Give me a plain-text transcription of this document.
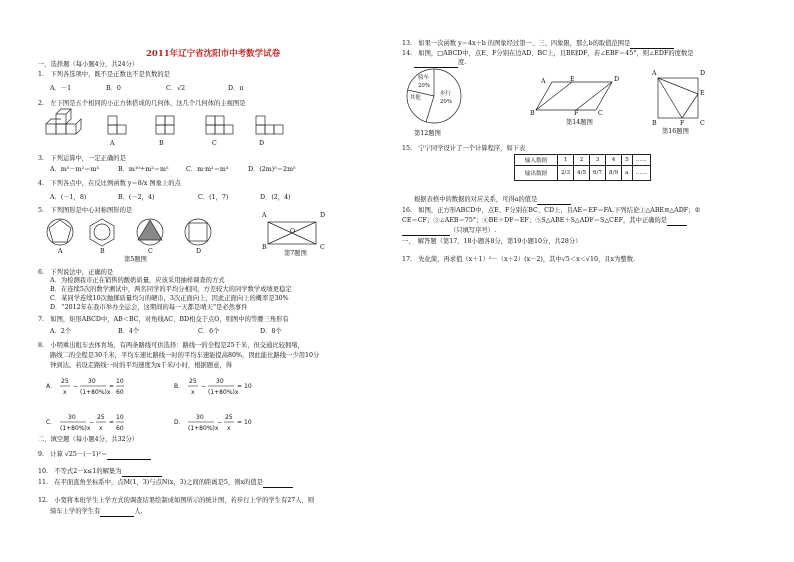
2011年辽宁省沈阳市中考数学试卷
一、选择题（每小题4分，共24分）
1.　下列各选项中，既不是正数也不是负数的是
A．－1	B．0	C．√2	D．π
2.　左下图是五个相同的小正方体搭成的几何体，这几个几何体的主视图是
A	B	C	D
3.　下列运算中，一定正确的是
A．m⁵－m²＝m³	B．m¹⁰÷m²＝m⁵	C．m·m²＝m³	D．(2m)⁵＝2m⁵
4.　下列各点中，在反比例函数 y＝8/x 图象上的点
A．(－1，8)	B．(－2，4)	C．(1，7)	D．(2，4)
5.　下列图形是中心对称图形的是
A	B	C	D
第5题图
A	D
B	C
O
第7题图
6.　下列说法中，正确的是
A．为检测我市正在销售的酸奶质量，应该采用抽样调查的方式
B．在连续5次的数学测试中，两名同学的平均分相同，方差较大的同学数学成绩更稳定
C．某同学连续10次抛掷质量均匀的硬币，3次正面向上，因此正面向上的概率是30%
D．“2012年在我市举办全运会，这期间的每一天都是晴天”是必然事件
7.　如图，矩形ABCD中，AB＜BC，对角线AC、BD相交于点O，则图中的等腰三角形有
A．2个	B．4个	C．6个	D．8个
8.　小明乘出租车去体育场，有两条路线可供选择：路线一的全程是25千米，但交通比较拥堵，
路线二的全程是30千米，平均车速比路线一时的平均车速能提高80%，因此能比路线一少用10分
钟到达。若设走路线一时的平均速度为x千米/小时，根据题意，得
A．
25
x
−
30
(1+80%)x
=
10
60
B．
25
x
−
30
(1+80%)x
= 10
C．
30
(1+80%)x
−
25
x
=
10
60
D．
30
(1+80%)x
−
25
x
= 10
二、填空题（每小题4分，共32分）
9.　计算 √25－(－1)²＝
10.　不等式2－x≤1的解集为
11.　在平面直角坐标系中，点M(1，3)与点N(x，3)之间的距离是5，则x的值是
12.　小宽将本班学生上学方式的调查结果绘制成如图所示的统计图，若步行上学的学生有27人，则
骑车上学的学生有	人.
13.　如果一次函数 y＝4x＋b 的图象经过第一、三、四象限，那么b的取值范围是
14.　如图，□ABCD中，点E、F分别在边AD、BC上，且BE∥DF，若∠EBF＝45°，则∠EDF的度数是
度.
骑车
20%
步行
20%
其他
第12题图
A	E	D
B	F	C
第14题图
A	D
E
F
B	C
第16题图
15.　宁宁同学设计了一个计算程序，如下表
输入数据	1	2	3	4	5	……
输出数据	2/3	4/5	6/7	8/9	a	……
根据表格中的数据的对应关系，可得a的值是
16.　如图，正方形ABCD中，点E、F分别在BC、CD上，且AE＝EF＝FA.下列结论①△ABE≌△ADF；②
CE＝CF；③∠AEB＝75°；④BE＋DF＝EF；⑤S△ABE＋S△ADF＝S△CEF，其中正确的是
（只填写序号）.
一、　解答题（第17、18小题各8分，第19小题10分，共28分）
17.　先化简，再求值（x＋1）²－（x＋2）(x－2)，其中√5＜x＜√10，且x为整数.
